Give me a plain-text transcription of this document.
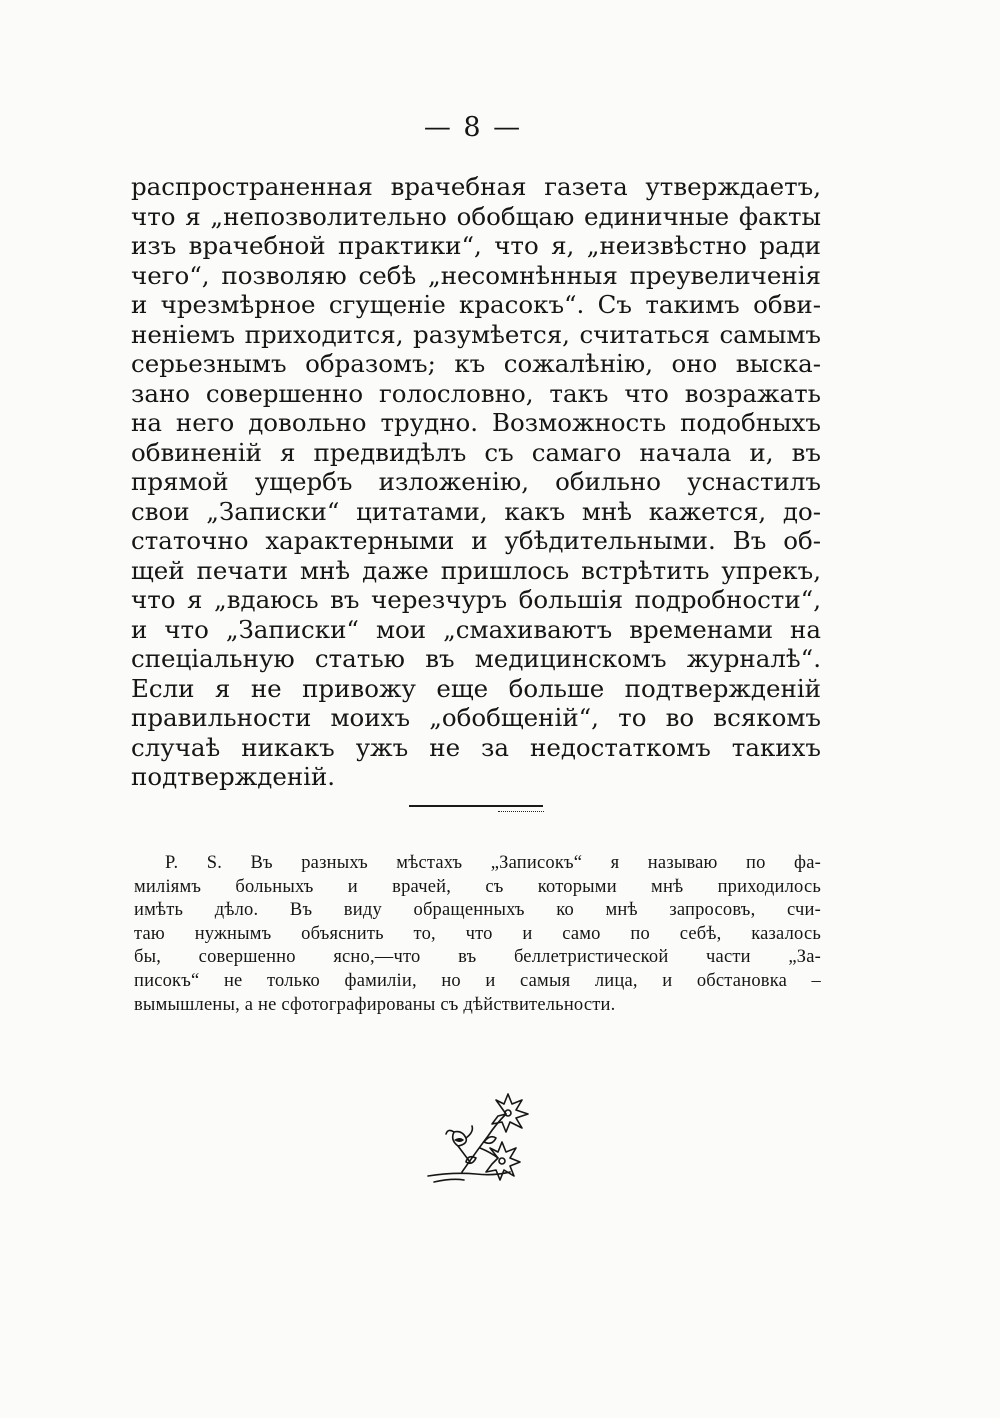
— 8 —
распространенная врачебная газета утверждаетъ,
что я „непозволительно обобщаю единичные факты
изъ врачебной практики“, что я, „неизвѣстно ради
чего“, позволяю себѣ „несомнѣнныя преувеличенія
и чрезмѣрное сгущеніе красокъ“. Съ такимъ обви-
неніемъ приходится, разумѣется, считаться самымъ
серьезнымъ образомъ; къ сожалѣнію, оно выска-
зано совершенно голословно, такъ что возражать
на него довольно трудно. Возможность подобныхъ
обвиненій я предвидѣлъ съ самаго начала и, въ
прямой ущербъ изложенію, обильно уснастилъ
свои „Записки“ цитатами, какъ мнѣ кажется, до-
статочно характерными и убѣдительными. Въ об-
щей печати мнѣ даже пришлось встрѣтить упрекъ,
что я „вдаюсь въ черезчуръ большія подробности“,
и что „Записки“ мои „смахиваютъ временами на
спеціальную статью въ медицинскомъ журналѣ“.
Если я не привожу еще больше подтвержденій
правильности моихъ „обобщеній“, то во всякомъ
случаѣ никакъ ужъ не за недостаткомъ такихъ
подтвержденій.
P. S. Въ разныхъ мѣстахъ „Записокъ“ я называю по фа-
миліямъ больныхъ и врачей, съ которыми мнѣ приходилось
имѣть дѣло. Въ виду обращенныхъ ко мнѣ запросовъ, счи-
таю нужнымъ объяснить то, что и само по себѣ, казалось
бы, совершенно ясно,—что въ беллетристической части „За-
писокъ“ не только фамиліи, но и самыя лица, и обстановка –
вымышлены, а не сфотографированы съ дѣйствительности.
